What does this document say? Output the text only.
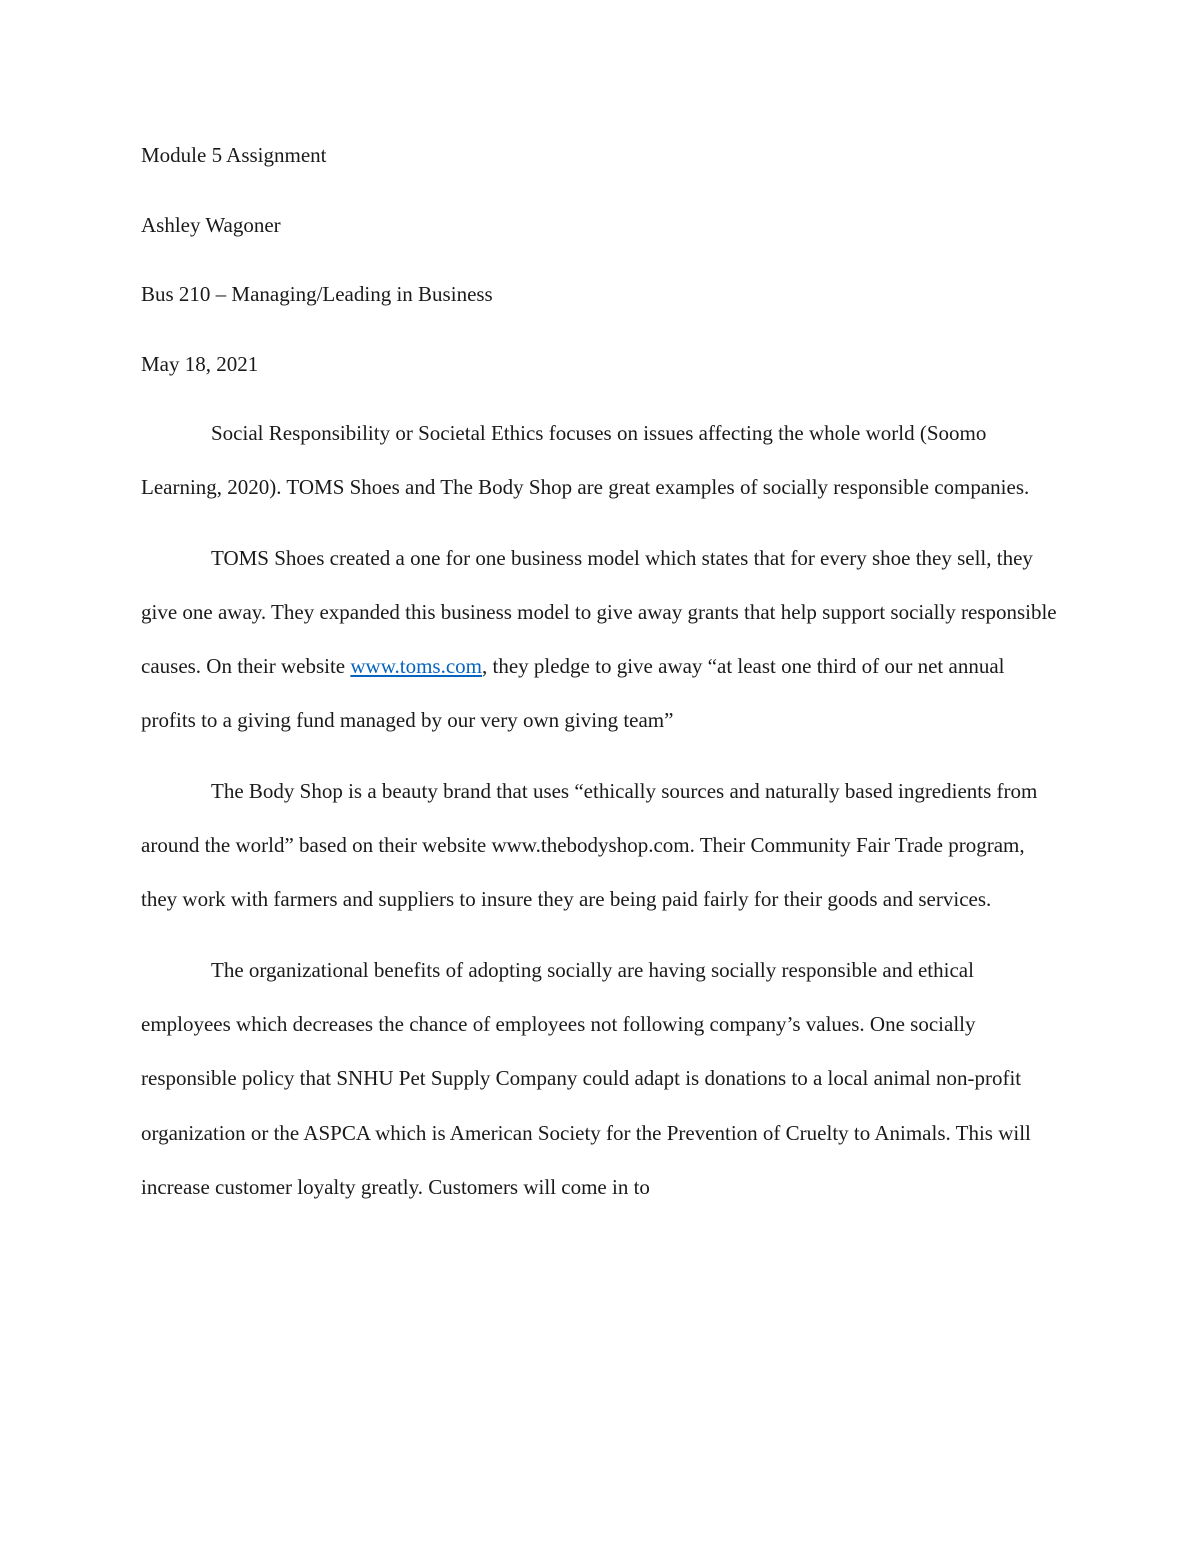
Module 5 Assignment
Ashley Wagoner
Bus 210 – Managing/Leading in Business
May 18, 2021

Social Responsibility or Societal Ethics focuses on issues affecting the whole world (Soomo Learning, 2020). TOMS Shoes and The Body Shop are great examples of socially responsible companies.

TOMS Shoes created a one for one business model which states that for every shoe they sell, they give one away. They expanded this business model to give away grants that help support socially responsible causes. On their website www.toms.com, they pledge to give away “at least one third of our net annual profits to a giving fund managed by our very own giving team”

The Body Shop is a beauty brand that uses “ethically sources and naturally based ingredients from around the world” based on their website www.thebodyshop.com. Their Community Fair Trade program, they work with farmers and suppliers to insure they are being paid fairly for their goods and services.

The organizational benefits of adopting socially are having socially responsible and ethical employees which decreases the chance of employees not following company’s values. One socially responsible policy that SNHU Pet Supply Company could adapt is donations to a local animal non-profit organization or the ASPCA which is American Society for the Prevention of Cruelty to Animals. This will increase customer loyalty greatly. Customers will come in to
